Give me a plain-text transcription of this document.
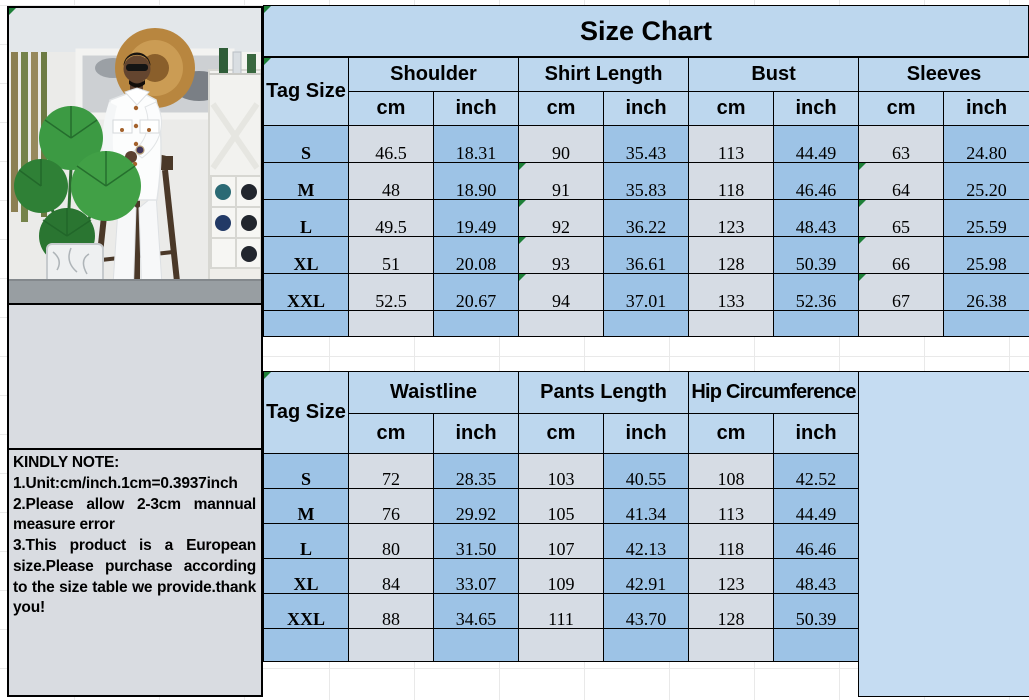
KINDLY NOTE:

1.Unit:cm/inch.1cm=0.3937inch

2.Please allow 2-3cm mannual measure error

3.This product is a European size.Please purchase according to the size table we provide.thank you!

Size Chart
Tag Size	Shoulder		Shirt Length		Bust		Sleeves	
	cm	inch	cm	inch	cm	inch	cm	inch
S	46.5	18.31	90	35.43	113	44.49	63	24.80
M	48	18.90	91	35.83	118	46.46	64	25.20
L	49.5	19.49	92	36.22	123	48.43	65	25.59
XL	51	20.08	93	36.61	128	50.39	66	25.98
XXL	52.5	20.67	94	37.01	133	52.36	67	26.38

Tag Size	Waistline		Pants Length		Hip Circumference	
	cm	inch	cm	inch	cm	inch
S	72	28.35	103	40.55	108	42.52
M	76	29.92	105	41.34	113	44.49
L	80	31.50	107	42.13	118	46.46
XL	84	33.07	109	42.91	123	48.43
XXL	88	34.65	111	43.70	128	50.39
